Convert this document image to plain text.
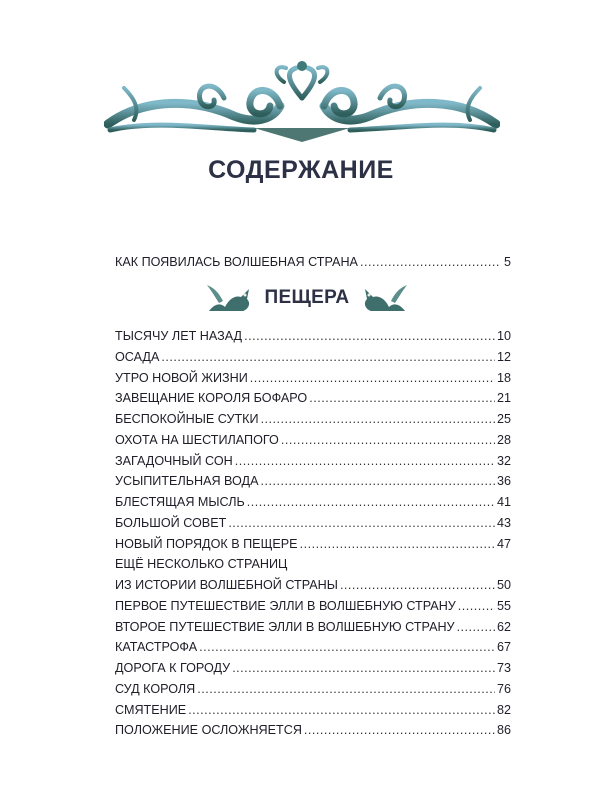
СОДЕРЖАНИЕ
КАК ПОЯВИЛАСЬ ВОЛШЕБНАЯ СТРАНА .....	5
ПЕЩЕРА
ТЫСЯЧУ ЛЕТ НАЗАД .....	10
ОСАДА .....	12
УТРО НОВОЙ ЖИЗНИ .....	18
ЗАВЕЩАНИЕ КОРОЛЯ БОФАРО .....	21
БЕСПОКОЙНЫЕ СУТКИ .....	25
ОХОТА НА ШЕСТИЛАПОГО .....	28
ЗАГАДОЧНЫЙ СОН .....	32
УСЫПИТЕЛЬНАЯ ВОДА .....	36
БЛЕСТЯЩАЯ МЫСЛЬ .....	41
БОЛЬШОЙ СОВЕТ .....	43
НОВЫЙ ПОРЯДОК В ПЕЩЕРЕ .....	47
ЕЩЁ НЕСКОЛЬКО СТРАНИЦ
ИЗ ИСТОРИИ ВОЛШЕБНОЙ СТРАНЫ .....	50
ПЕРВОЕ ПУТЕШЕСТВИЕ ЭЛЛИ В ВОЛШЕБНУЮ СТРАНУ .....	55
ВТОРОЕ ПУТЕШЕСТВИЕ ЭЛЛИ В ВОЛШЕБНУЮ СТРАНУ .....	62
КАТАСТРОФА .....	67
ДОРОГА К ГОРОДУ .....	73
СУД КОРОЛЯ .....	76
СМЯТЕНИЕ .....	82
ПОЛОЖЕНИЕ ОСЛОЖНЯЕТСЯ .....	86
